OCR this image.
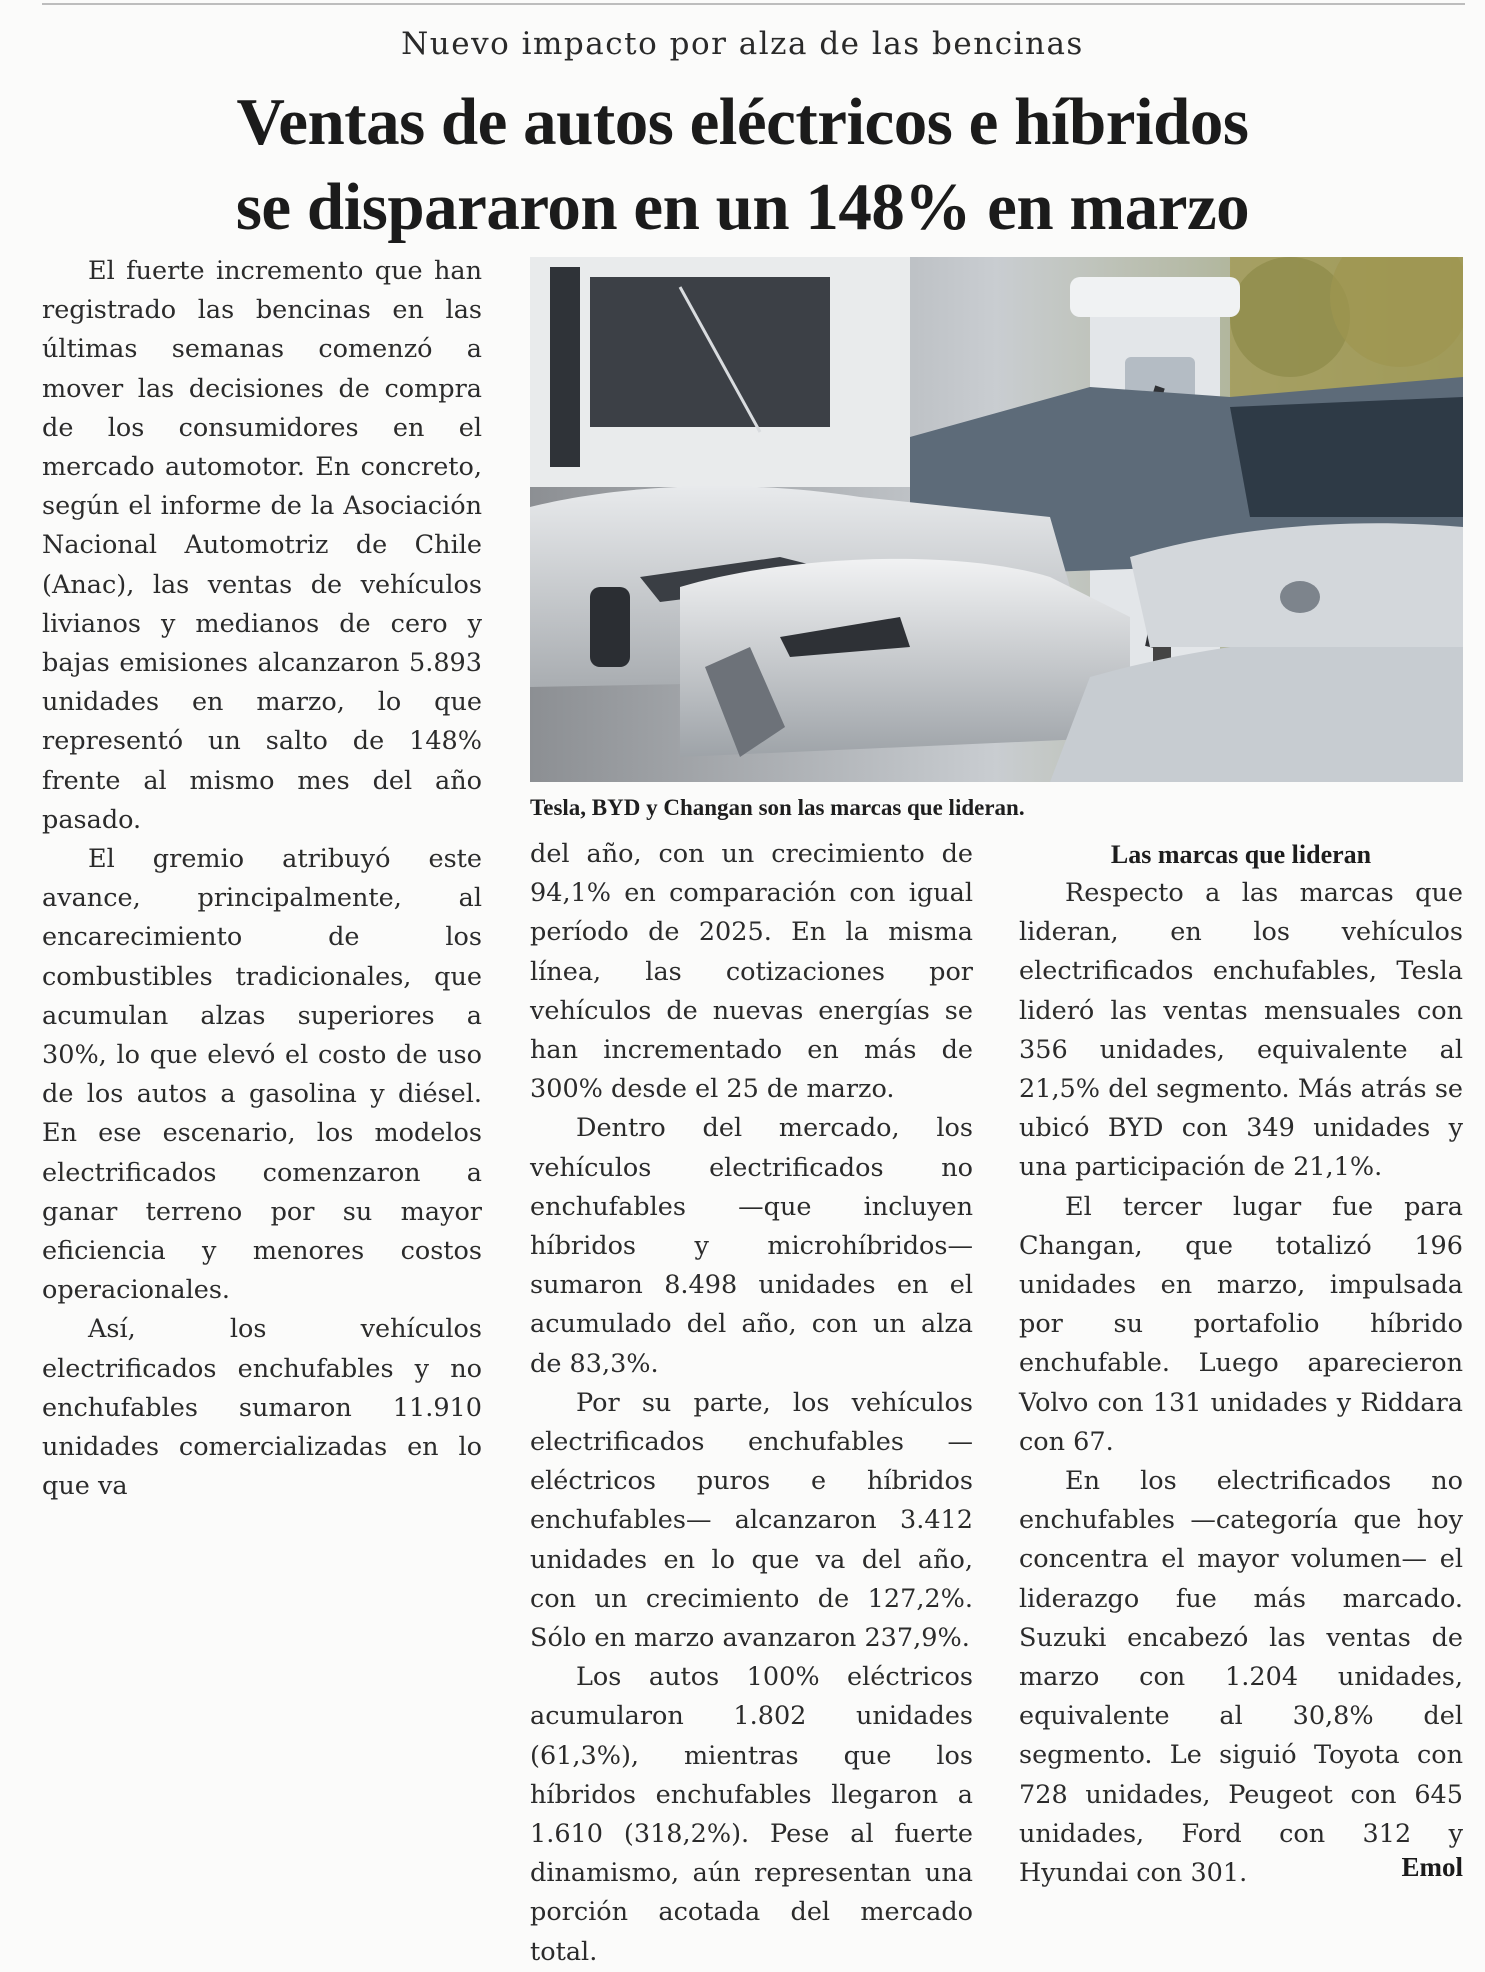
Nuevo impacto por alza de las bencinas
Ventas de autos eléctricos e híbridos
se dispararon en un 148% en marzo

El fuerte incremento que han registrado las bencinas en las últimas semanas comenzó a mover las decisiones de compra de los consumidores en el mercado automotor. En concreto, según el informe de la Asociación Nacional Automotriz de Chile (Anac), las ventas de vehículos livianos y medianos de cero y bajas emisiones alcanzaron 5.893 unidades en marzo, lo que representó un salto de 148% frente al mismo mes del año pasado.

El gremio atribuyó este avance, principalmente, al encarecimiento de los combustibles tradicionales, que acumulan alzas superiores a 30%, lo que elevó el costo de uso de los autos a gasolina y diésel. En ese escenario, los modelos electrificados comenzaron a ganar terreno por su mayor eficiencia y menores costos operacionales.

Así, los vehículos electrificados enchufables y no enchufables sumaron 11.910 unidades comercializadas en lo que va

Tesla, BYD y Changan son las marcas que lideran.

del año, con un crecimiento de 94,1% en comparación con igual período de 2025. En la misma línea, las cotizaciones por vehículos de nuevas energías se han incrementado en más de 300% desde el 25 de marzo.

Dentro del mercado, los vehículos electrificados no enchufables —que incluyen híbridos y microhíbridos— sumaron 8.498 unidades en el acumulado del año, con un alza de 83,3%.

Por su parte, los vehículos electrificados enchufables —eléctricos puros e híbridos enchufables— alcanzaron 3.412 unidades en lo que va del año, con un crecimiento de 127,2%. Sólo en marzo avanzaron 237,9%.

Los autos 100% eléctricos acumularon 1.802 unidades (61,3%), mientras que los híbridos enchufables llegaron a 1.610 (318,2%). Pese al fuerte dinamismo, aún representan una porción acotada del mercado total.

Las marcas que lideran

Respecto a las marcas que lideran, en los vehículos electrificados enchufables, Tesla lideró las ventas mensuales con 356 unidades, equivalente al 21,5% del segmento. Más atrás se ubicó BYD con 349 unidades y una participación de 21,1%.

El tercer lugar fue para Changan, que totalizó 196 unidades en marzo, impulsada por su portafolio híbrido enchufable. Luego aparecieron Volvo con 131 unidades y Riddara con 67.

En los electrificados no enchufables —categoría que hoy concentra el mayor volumen— el liderazgo fue más marcado. Suzuki encabezó las ventas de marzo con 1.204 unidades, equivalente al 30,8% del segmento. Le siguió Toyota con 728 unidades, Peugeot con 645 unidades, Ford con 312 y Hyundai con 301.	Emol
